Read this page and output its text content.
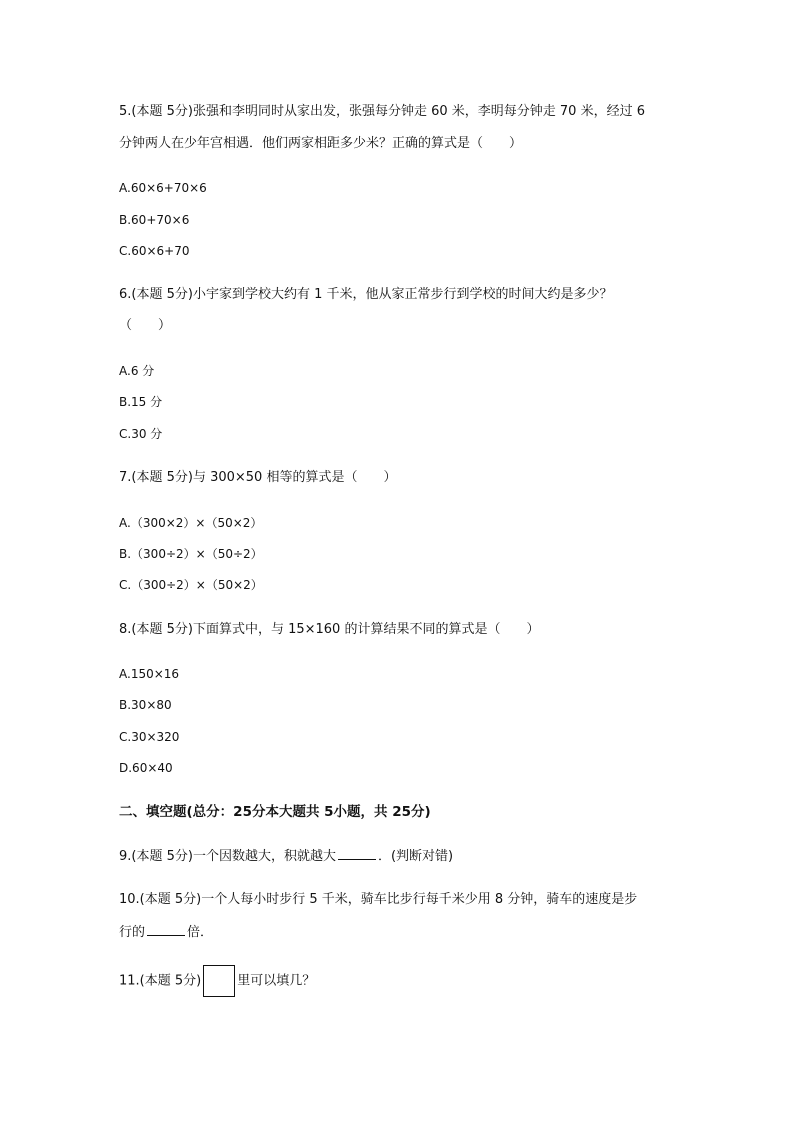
5.(本题 5分)张强和李明同时从家出发，张强每分钟走 60 米，李明每分钟走 70 米，经过 6
分钟两人在少年宫相遇．他们两家相距多少米？正确的算式是（　　）
A.60×6+70×6
B.60+70×6
C.60×6+70
6.(本题 5分)小宇家到学校大约有 1 千米，他从家正常步行到学校的时间大约是多少？
（　　）
A.6 分
B.15 分
C.30 分
7.(本题 5分)与 300×50 相等的算式是（　　）
A.（300×2）×（50×2）
B.（300÷2）×（50÷2）
C.（300÷2）×（50×2）
8.(本题 5分)下面算式中，与 15×160 的计算结果不同的算式是（　　）
A.150×16
B.30×80
C.30×320
D.60×40
二、填空题(总分：25分本大题共 5小题，共 25分)
9.(本题 5分)一个因数越大，积就越大	．(判断对错)
10.(本题 5分)一个人每小时步行 5 千米，骑车比步行每千米少用 8 分钟，骑车的速度是步
行的	倍．
11.(本题 5分)	里可以填几？
